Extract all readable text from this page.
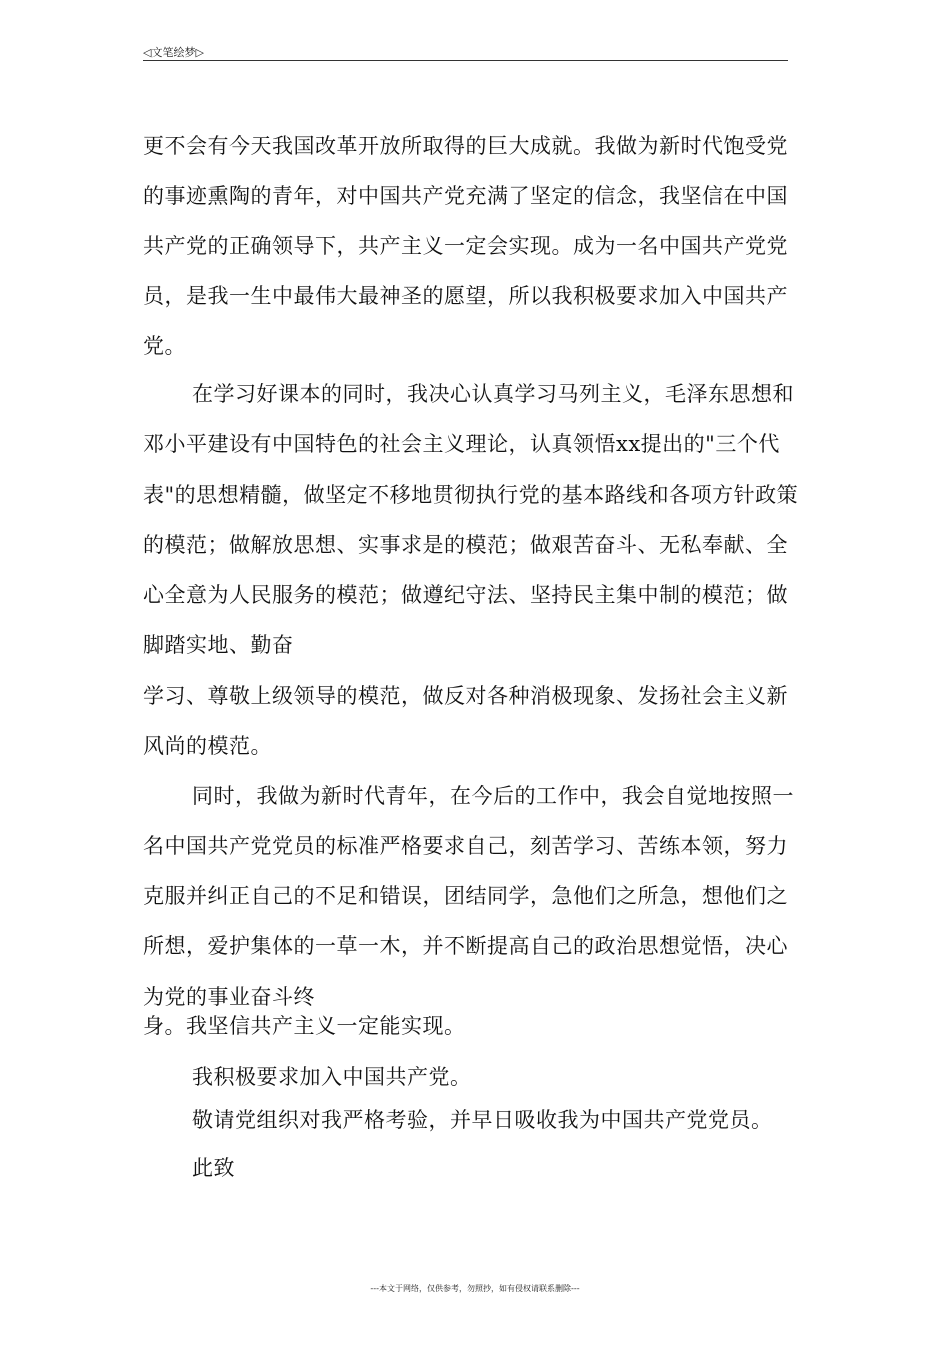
◁文笔绘梦▷
更不会有今天我国改革开放所取得的巨大成就。我做为新时代饱受党
的事迹熏陶的青年，对中国共产党充满了坚定的信念，我坚信在中国
共产党的正确领导下，共产主义一定会实现。成为一名中国共产党党
员，是我一生中最伟大最神圣的愿望，所以我积极要求加入中国共产
党。
在学习好课本的同时，我决心认真学习马列主义，毛泽东思想和
邓小平建设有中国特色的社会主义理论，认真领悟xx提出的"三个代
表"的思想精髓，做坚定不移地贯彻执行党的基本路线和各项方针政策
的模范；做解放思想、实事求是的模范；做艰苦奋斗、无私奉献、全
心全意为人民服务的模范；做遵纪守法、坚持民主集中制的模范；做
脚踏实地、勤奋
学习、尊敬上级领导的模范，做反对各种消极现象、发扬社会主义新
风尚的模范。
同时，我做为新时代青年，在今后的工作中，我会自觉地按照一
名中国共产党党员的标准严格要求自己，刻苦学习、苦练本领，努力
克服并纠正自己的不足和错误，团结同学，急他们之所急，想他们之
所想，爱护集体的一草一木，并不断提高自己的政治思想觉悟，决心
为党的事业奋斗终
身。我坚信共产主义一定能实现。
我积极要求加入中国共产党。
敬请党组织对我严格考验，并早日吸收我为中国共产党党员。
此致
---本文于网络，仅供参考，勿照抄，如有侵权请联系删除---
